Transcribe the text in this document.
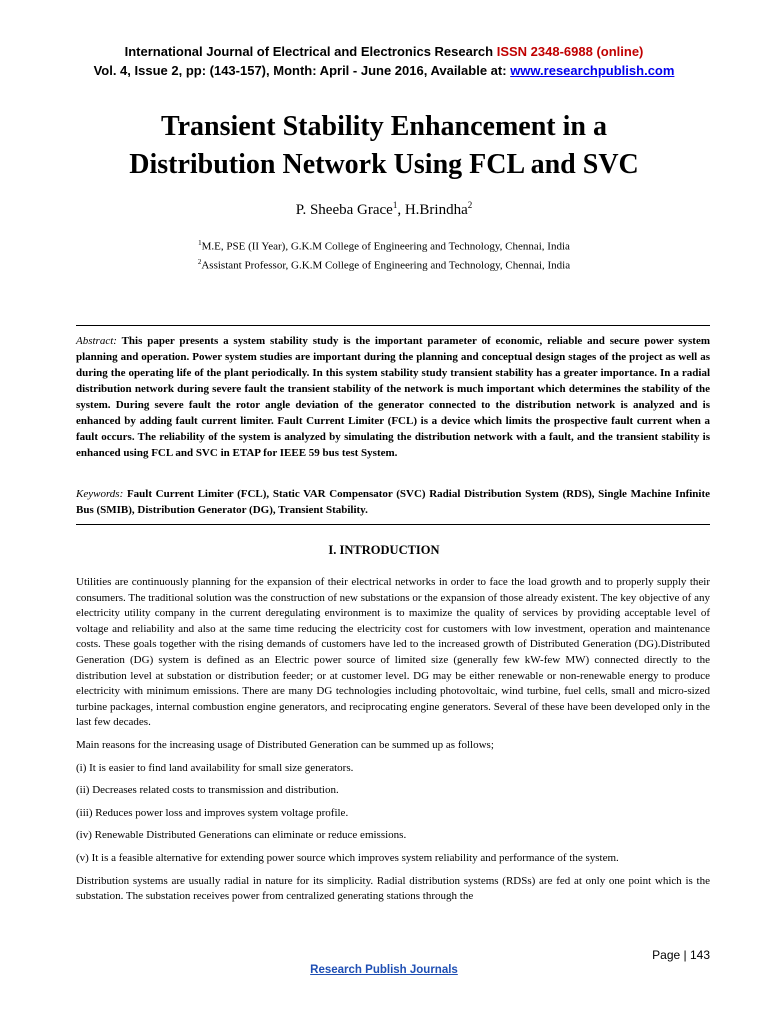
International Journal of Electrical and Electronics Research ISSN 2348-6988 (online)
Vol. 4, Issue 2, pp: (143-157), Month: April - June 2016, Available at: www.researchpublish.com
Transient Stability Enhancement in a
Distribution Network Using FCL and SVC
P. Sheeba Grace$^1$, H.Brindha$^2$
$^1$M.E, PSE (II Year), G.K.M College of Engineering and Technology, Chennai, India
$^2$Assistant Professor, G.K.M College of Engineering and Technology, Chennai, India
Abstract: This paper presents a system stability study is the important parameter of economic, reliable and secure power system planning and operation. Power system studies are important during the planning and conceptual design stages of the project as well as during the operating life of the plant periodically. In this system stability study transient stability has a greater importance. In a radial distribution network during severe fault the transient stability of the network is much important which determines the stability of the system. During severe fault the rotor angle deviation of the generator connected to the distribution network is analyzed and is enhanced by adding fault current limiter. Fault Current Limiter (FCL) is a device which limits the prospective fault current when a fault occurs. The reliability of the system is analyzed by simulating the distribution network with a fault, and the transient stability is enhanced using FCL and SVC in ETAP for IEEE 59 bus test System.
Keywords: Fault Current Limiter (FCL), Static VAR Compensator (SVC) Radial Distribution System (RDS), Single Machine Infinite Bus (SMIB), Distribution Generator (DG), Transient Stability.
I. INTRODUCTION

Utilities are continuously planning for the expansion of their electrical networks in order to face the load growth and to properly supply their consumers. The traditional solution was the construction of new substations or the expansion of those already existent. The key objective of any electricity utility company in the current deregulating environment is to maximize the quality of services by providing acceptable level of voltage and reliability and also at the same time reducing the electricity cost for customers with low investment, operation and maintenance costs. These goals together with the rising demands of customers have led to the increased growth of Distributed Generation (DG).Distributed Generation (DG) system is defined as an Electric power source of limited size (generally few kW-few MW) connected directly to the distribution level at substation or distribution feeder; or at customer level. DG may be either renewable or non-renewable energy to produce electricity with minimum emissions. There are many DG technologies including photovoltaic, wind turbine, fuel cells, small and micro-sized turbine packages, internal combustion engine generators, and reciprocating engine generators. Several of these have been developed only in the last few decades.

Main reasons for the increasing usage of Distributed Generation can be summed up as follows;

(i) It is easier to find land availability for small size generators.

(ii) Decreases related costs to transmission and distribution.

(iii) Reduces power loss and improves system voltage profile.

(iv) Renewable Distributed Generations can eliminate or reduce emissions.

(v) It is a feasible alternative for extending power source which improves system reliability and performance of the system.

Distribution systems are usually radial in nature for its simplicity. Radial distribution systems (RDSs) are fed at only one point which is the substation. The substation receives power from centralized generating stations through the

Page | 143
Research Publish Journals
